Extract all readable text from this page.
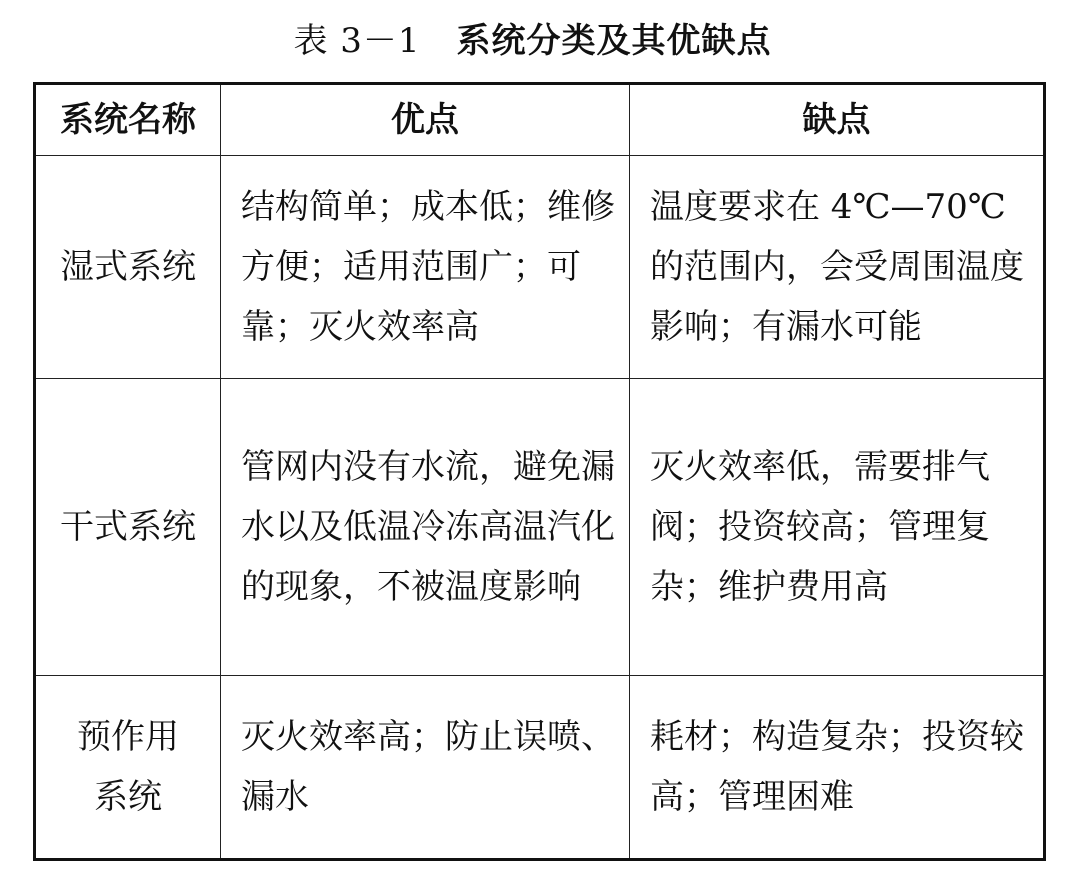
表 3－1 系统分类及其优缺点
系统名称	优点	缺点
湿式系统	结构简单；成本低；维修方便；适用范围广；可靠；灭火效率高	温度要求在 4℃—70℃的范围内，会受周围温度影响；有漏水可能
干式系统	管网内没有水流，避免漏水以及低温冷冻高温汽化的现象，不被温度影响	灭火效率低，需要排气阀；投资较高；管理复杂；维护费用高
预作用系统	灭火效率高；防止误喷、漏水	耗材；构造复杂；投资较高；管理困难
